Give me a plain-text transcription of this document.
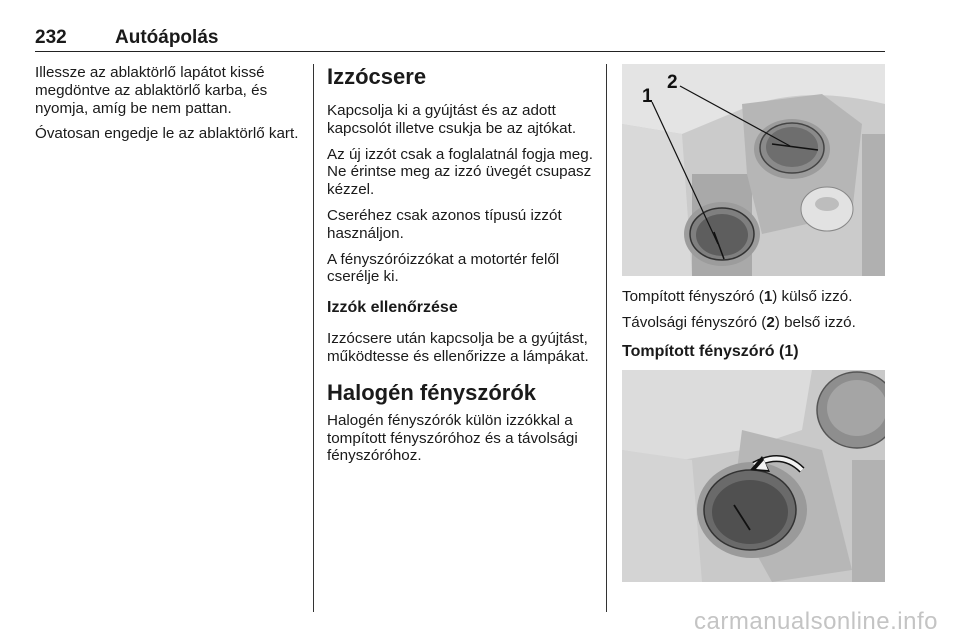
232	Autóápolás

Illessze az ablaktörlő lapátot kissé megdöntve az ablaktörlő karba, és nyomja, amíg be nem pattan.

Óvatosan engedje le az ablaktörlő kart.

Izzócsere

Kapcsolja ki a gyújtást és az adott kapcsolót illetve csukja be az ajtókat.

Az új izzót csak a foglalatnál fogja meg. Ne érintse meg az izzó üvegét csupasz kézzel.

Cseréhez csak azonos típusú izzót használjon.

A fényszóróizzókat a motortér felől cserélje ki.

Izzók ellenőrzése

Izzócsere után kapcsolja be a gyújtást, működtesse és ellenőrizze a lámpákat.

Halogén fényszórók

Halogén fényszórók külön izzókkal a tompított fényszóróhoz és a távolsági fényszóróhoz.

1
2

Tompított fényszóró (1) külső izzó.

Távolsági fényszóró (2) belső izzó.

Tompított fényszóró (1)
carmanualsonline.info
